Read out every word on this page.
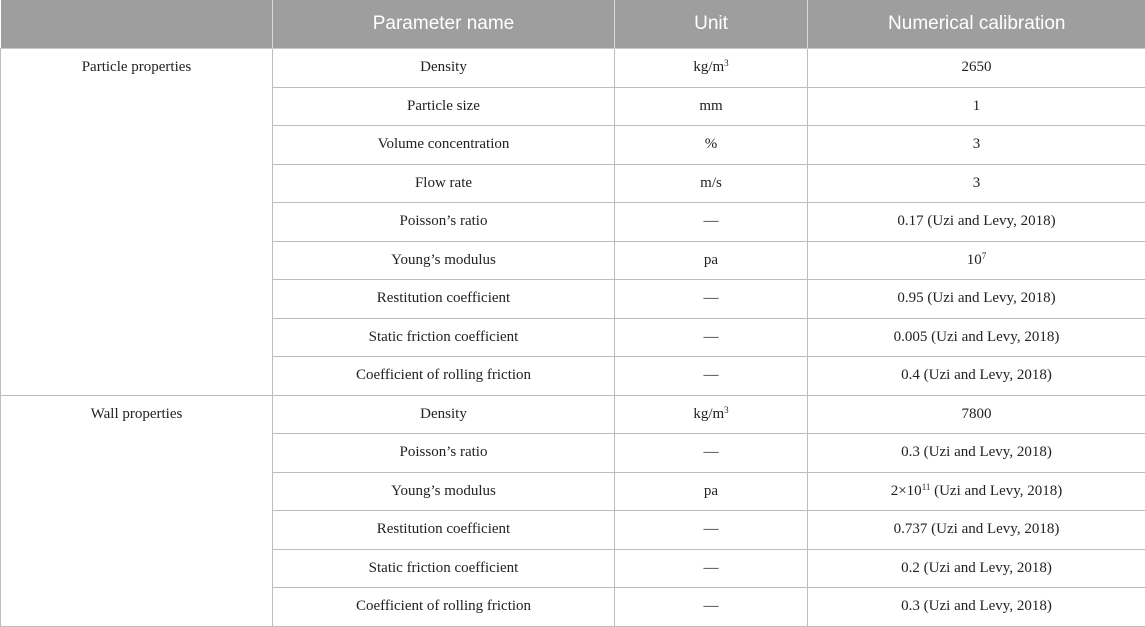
	Parameter name	Unit	Numerical calibration
Particle properties	Density	$kg/m^3$	2650
	Particle size	mm	1
	Volume concentration	%	3
	Flow rate	m/s	3
	Poisson’s ratio	—	0.17 (Uzi and Levy, 2018)
	Young’s modulus	pa	$10^7$
	Restitution coefficient	—	0.95 (Uzi and Levy, 2018)
	Static friction coefficient	—	0.005 (Uzi and Levy, 2018)
	Coefficient of rolling friction	—	0.4 (Uzi and Levy, 2018)
Wall properties	Density	$kg/m^3$	7800
	Poisson’s ratio	—	0.3 (Uzi and Levy, 2018)
	Young’s modulus	pa	$2\times 10^{11}$ (Uzi and Levy, 2018)
	Restitution coefficient	—	0.737 (Uzi and Levy, 2018)
	Static friction coefficient	—	0.2 (Uzi and Levy, 2018)
	Coefficient of rolling friction	—	0.3 (Uzi and Levy, 2018)
